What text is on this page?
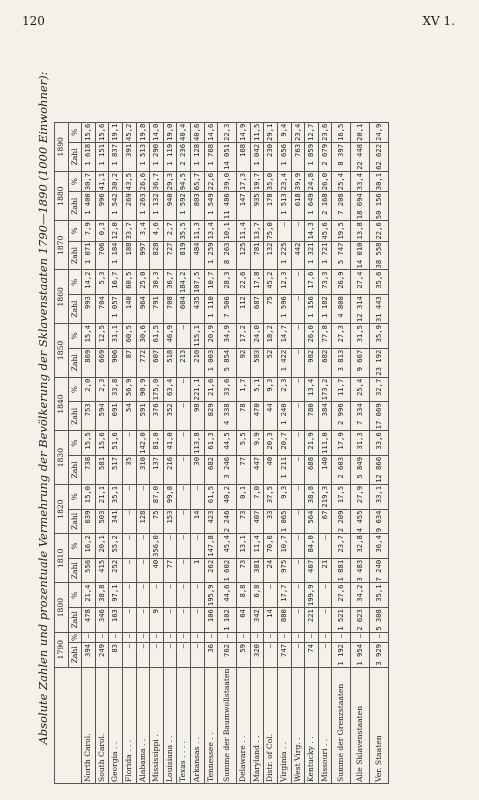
120	XV 1.
Absolute Zahlen und prozentuale Vermehrung der Bevölkerung der Sklavenstaaten 1790—1890 (1000 Einwohner):
	1790		1800		1810		1820		1830		1840		1850		1860		1870		1880		1890	
	Zahl	%	Zahl	%	Zahl	%	Zahl	%	Zahl	%	Zahl	%	Zahl	%	Zahl	%	Zahl	%	Zahl	%	Zahl	%
North Carol.	394	—	478	21,4	556	16,2	639	15,0	738	15,5	753	2,0	869	15,4	993	14,2	1 071	7,9	1 400	30,7	1 618	15,6
South Carol.	249	—	346	38,8	415	20,1	503	21,1	581	15,6	594	2,3	669	12,5	704	5,3	706	0,3	996	41,1	1 151	15,6
Georgia . .	83	—	163	97,1	252	55,2	341	35,1	517	51,6	691	33,8	906	31,1	1 057	16,7	1 184	12,0	1 542	30,2	1 837	19,1
Florida . . .	—	—	—	—	—	—	—	—	35	—	54	56,9	87	60,5	140	60,5	188	33,7	269	43,5	391	45,2
Alabama . .	—	—	—	—	—	—	128	—	310	142,0	591	90,9	772	30,6	964	25,0	997	3,4	1 263	26,6	1 513	19,8
Mississippi .	—	—	9	—	40	356,0	75	87,0	137	81,0	376	175,0	607	61,5	791	30,3	828	4,6	1 132	36,7	1 290	14,0
Louisiana . .	—	—	—	—	77	—	153	99,8	216	41,0	352	63,4	518	46,9	708	36,7	727	2,7	940	29,3	1 119	19,0
Texas . . . .	—	—	—	—	—	—	—	—	—	—	—	—	213	—	604	184,2	819	35,5	1 592	94,5	2 236	40,4
Arkansas . .	—	—	—	—	1	—	14	—	30	113,8	98	221,1	210	115,1	435	107,5	484	11,3	803	65,7	1 128	40,6
Tennessee . .	36	—	106	195,9	262	147,8	423	61,5	682	61,3	829	21,6	1 003	20,9	1 110	10,7	1 259	13,4	1 549	22,6	1 768	14,6
Summe der Baumwollstaaten	762	—	1 102	44,6	1 602	45,4	2 246	40,2	3 246	44,5	4 338	33,6	5 854	34,9	7 506	28,3	8 263	10,1	11 486	39,0	14 051	22,3
Delaware . .	59	—	64	8,8	73	13,1	73	0,1	77	5,5	78	1,7	92	17,2	112	22,6	125	11,4	147	17,3	168	14,9
Maryland . .	320	—	342	6,8	381	11,4	407	7,0	447	9,9	470	5,1	583	24,0	687	17,8	781	13,7	935	19,7	1 042	11,5
Distr. of Col.	—	—	14	—	24	70,6	33	37,5	40	20,3	44	9,3	52	18,2	75	45,2	132	75,0	178	35,0	230	29,1
Virginia . .	747	—	880	17,7	975	10,7	1 065	9,3	1 211	20,7	1 240	2,3	1 422	14,7	1 596	12,3	1 225	—	1 513	23,4	1 656	9,4
West Virg. .	—	—	—	—	—	—	—	—	—	—	—	—	—	—	—	—	442	—	618	39,9	763	23,4
Kentucky . .	74	—	221	199,9	407	84,0	564	38,8	688	21,9	780	13,4	982	26,0	1 156	17,6	1 321	14,3	1 649	24,8	1 859	12,7
Missouri . .	—	—	—	—	21	—	67	219,3	140	111,0	384	173,2	682	77,8	1 182	73,3	1 721	45,6	2 168	26,0	2 679	23,6
Summe der Grenzstaaten	1 192	—	1 521	27,6	1 881	23,7	2 209	17,5	2 603	17,9	2 996	11,7	3 813	27,3	4 808	26,9	5 747	19,5	7 208	25,4	8 397	16,5
Alle Sklavenstaaten	1 954	—	2 623	34,2	3 483	32,8	4 455	27,9	5 849	31,3	7 334	25,4	9 667	31,5	12 314	27,4	14 010	13,8	18 694	33,4	22 448	20,1
Ver. Staaten	3 929	—	5 308	35,1	7 240	36,4	9 634	33,1	12 866	33,6	17 069	32,7	23 192	35,9	31 443	35,6	38 558	22,6	50 156	30,1	62 622	24,9
